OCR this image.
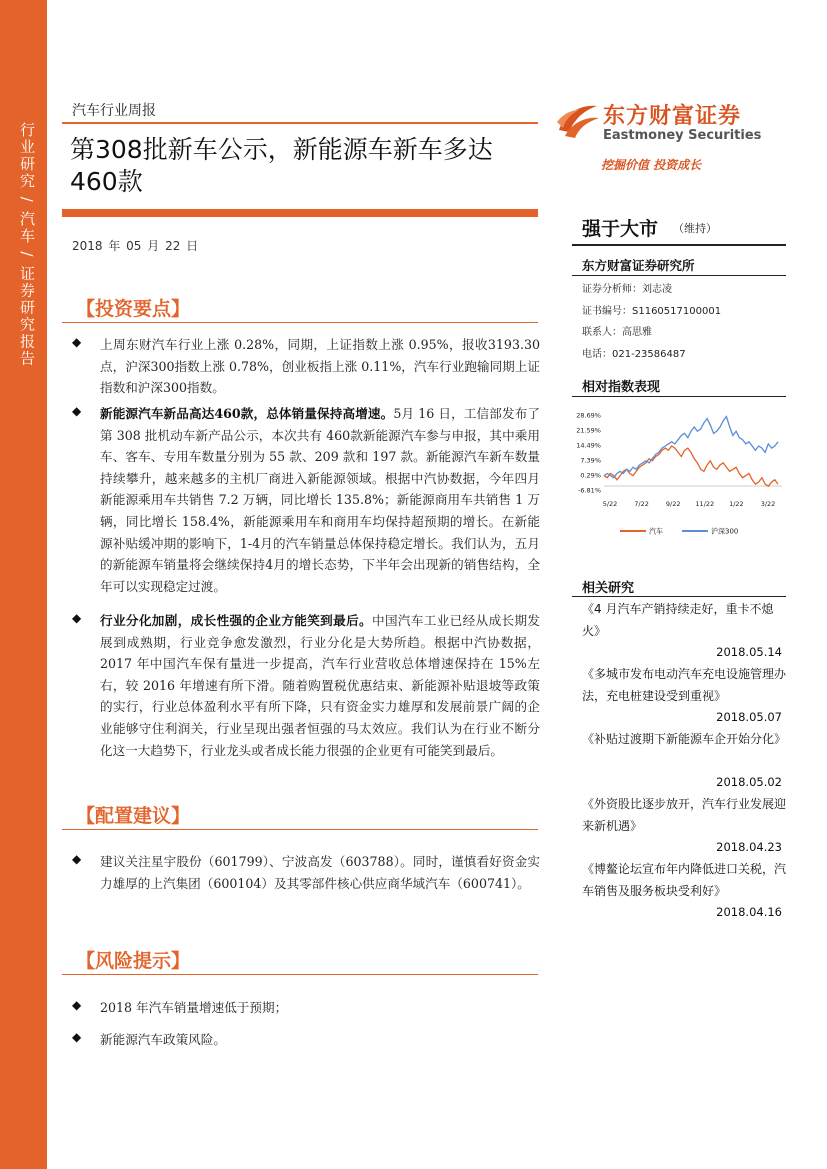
行业研究 / 汽车 / 证券研究报告
汽车行业周报
第308批新车公示，新能源车新车多达460款
2018 年 05 月 22 日
【投资要点】
◆ 上周东财汽车行业上涨 0.28%，同期，上证指数上涨 0.95%，报收3193.30点，沪深300指数上涨 0.78%，创业板指上涨 0.11%，汽车行业跑输同期上证指数和沪深300指数。
◆ 新能源汽车新品高达460款，总体销量保持高增速。5月 16 日，工信部发布了第 308 批机动车新产品公示，本次共有 460款新能源汽车参与申报，其中乘用车、客车、专用车数量分别为 55 款、209 款和 197 款。新能源汽车新车数量持续攀升，越来越多的主机厂商进入新能源领域。根据中汽协数据，今年四月新能源乘用车共销售 7.2 万辆，同比增长 135.8%；新能源商用车共销售 1 万辆，同比增长 158.4%，新能源乘用车和商用车均保持超预期的增长。在新能源补贴缓冲期的影响下，1-4月的汽车销量总体保持稳定增长。我们认为，五月的新能源车销量将会继续保持4月的增长态势，下半年会出现新的销售结构，全年可以实现稳定过渡。
◆ 行业分化加剧，成长性强的企业方能笑到最后。中国汽车工业已经从成长期发展到成熟期，行业竞争愈发激烈，行业分化是大势所趋。根据中汽协数据，2017 年中国汽车保有量进一步提高，汽车行业营收总体增速保持在 15%左右，较 2016 年增速有所下滑。随着购置税优惠结束、新能源补贴退坡等政策的实行，行业总体盈利水平有所下降，只有资金实力雄厚和发展前景广阔的企业能够守住利润关，行业呈现出强者恒强的马太效应。我们认为在行业不断分化这一大趋势下，行业龙头或者成长能力很强的企业更有可能笑到最后。
【配置建议】
◆ 建议关注星宇股份（601799）、宁波高发（603788）。同时，谨慎看好资金实力雄厚的上汽集团（600104）及其零部件核心供应商华域汽车（600741）。
【风险提示】
◆ 2018 年汽车销量增速低于预期；
◆ 新能源汽车政策风险。
东方财富证券
Eastmoney Securities
挖掘价值 投资成长
强于大市 （维持）
东方财富证券研究所
证券分析师：刘志凌
证书编号：S1160517100001
联系人：高思雅
电话：021-23586487
相对指数表现
28.69%
21.59%
14.49%
7.39%
0.29%
-6.81%
5/22	7/22	9/22 11/22 1/22	3/22
汽车	沪深300
相关研究
《4 月汽车产销持续走好，重卡不熄火》
2018.05.14
《多城市发布电动汽车充电设施管理办法，充电桩建设受到重视》
2018.05.07
《补贴过渡期下新能源车企开始分化》
2018.05.02
《外资股比逐步放开，汽车行业发展迎来新机遇》
2018.04.23
《博鳌论坛宣布年内降低进口关税，汽车销售及服务板块受利好》
2018.04.16
